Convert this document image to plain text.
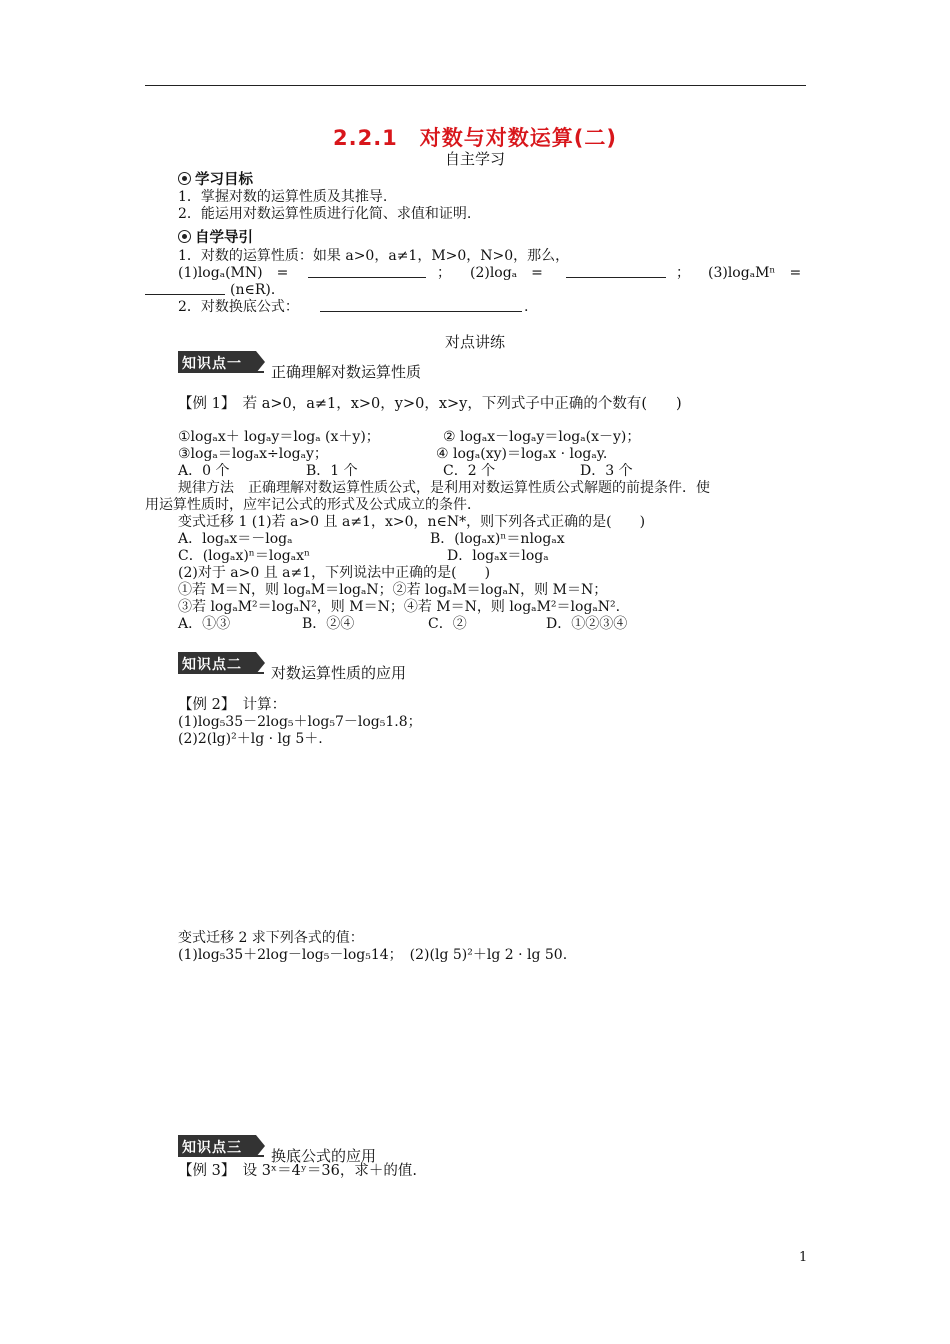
2.2.1　对数与对数运算(二)
自主学习
学习目标
1．掌握对数的运算性质及其推导.
2．能运用对数运算性质进行化简、求值和证明.
自学导引
1．对数的运算性质：如果 a>0，a≠1，M>0，N>0，那么，
(1)logₐ(MN)　=	； (2)logₐ　=	； (3)logₐMⁿ　=
(n∈R)．
2．对数换底公式：	.
对点讲练
知识点一 正确理解对数运算性质
【例 1】　若 a>0，a≠1，x>0，y>0，x>y，下列式子中正确的个数有(　　)
①logₐx＋ logₐy＝logₐ (x＋y)；	② logₐx－logₐy＝logₐ(x－y)；
③logₐ＝logₐx÷logₐy；	④ logₐ(xy)＝logₐx · logₐy.
A．0 个	B．1 个	C．2 个	D．3 个
规律方法　正确理解对数运算性质公式，是利用对数运算性质公式解题的前提条件．使
用运算性质时，应牢记公式的形式及公式成立的条件．
变式迁移 1 (1)若 a>0 且 a≠1，x>0，n∈N*，则下列各式正确的是(　　)
A．logₐx＝－logₐ	B．(logₐx)ⁿ＝nlogₐx
C．(logₐx)ⁿ＝logₐxⁿ	D．logₐx＝logₐ
(2)对于 a>0 且 a≠1，下列说法中正确的是(　　)
①若 M＝N，则 logₐM＝logₐN；②若 logₐM＝logₐN，则 M＝N；
③若 logₐM²＝logₐN²，则 M＝N；④若 M＝N，则 logₐM²＝logₐN².
A．①③	B．②④	C．②	D．①②③④
知识点二 对数运算性质的应用
【例 2】　计算：
(1)log₅35－2log₅＋log₅7－log₅1.8；
(2)2(lg)²＋lg · lg 5＋.
变式迁移 2 求下列各式的值：
(1)log₅35＋2log－log₅－log₅14；　(2)(lg 5)²＋lg 2 · lg 50.
知识点三 换底公式的应用
【例 3】　设 3ˣ＝4ʸ＝36，求＋的值.
1
